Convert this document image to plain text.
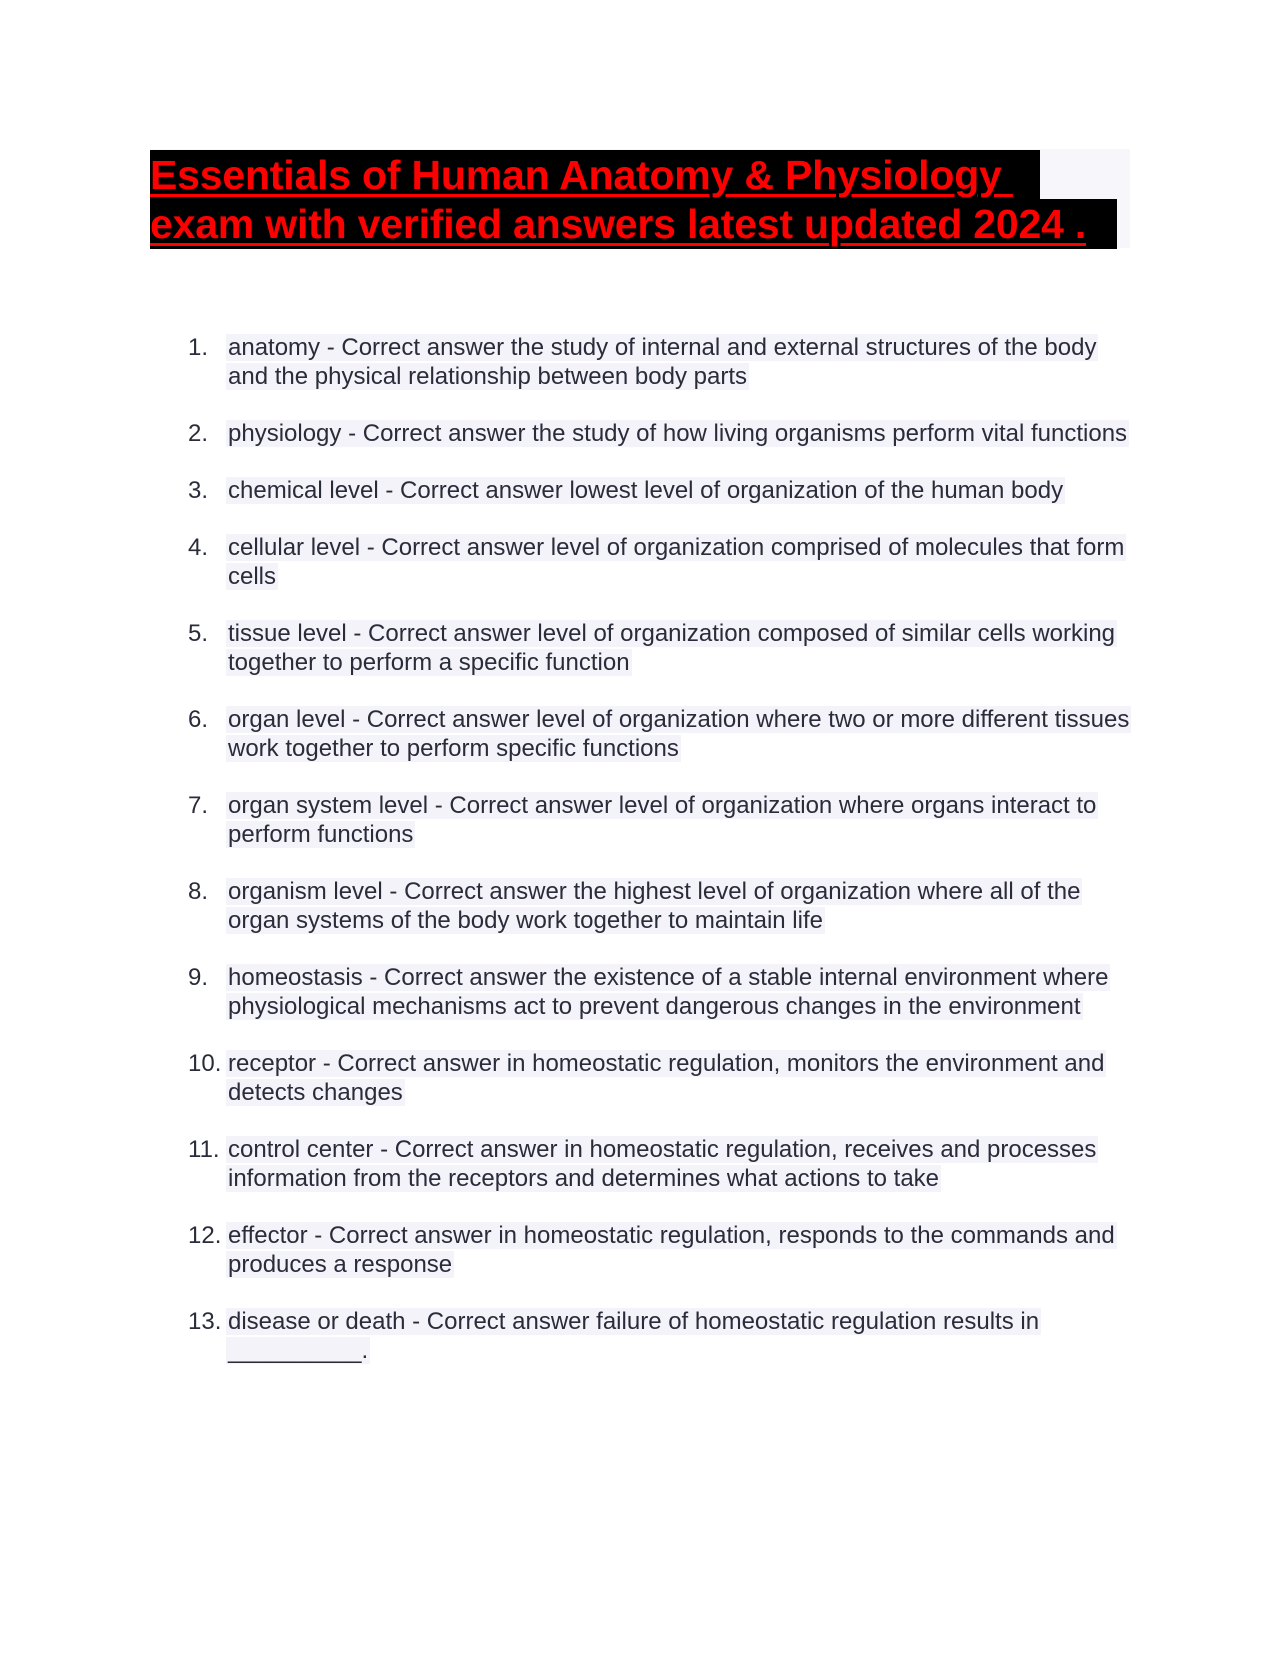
Essentials of Human Anatomy & Physiology
exam with verified answers latest updated 2024 .
1. anatomy - Correct answer the study of internal and external structures of the body and the physical relationship between body parts
2. physiology - Correct answer the study of how living organisms perform vital functions
3. chemical level - Correct answer lowest level of organization of the human body
4. cellular level - Correct answer level of organization comprised of molecules that form cells
5. tissue level - Correct answer level of organization composed of similar cells working together to perform a specific function
6. organ level - Correct answer level of organization where two or more different tissues work together to perform specific functions
7. organ system level - Correct answer level of organization where organs interact to perform functions
8. organism level - Correct answer the highest level of organization where all of the organ systems of the body work together to maintain life
9. homeostasis - Correct answer the existence of a stable internal environment where physiological mechanisms act to prevent dangerous changes in the environment
10. receptor - Correct answer in homeostatic regulation, monitors the environment and detects changes
11. control center - Correct answer in homeostatic regulation, receives and processes information from the receptors and determines what actions to take
12. effector - Correct answer in homeostatic regulation, responds to the commands and produces a response
13. disease or death - Correct answer failure of homeostatic regulation results in __________.
